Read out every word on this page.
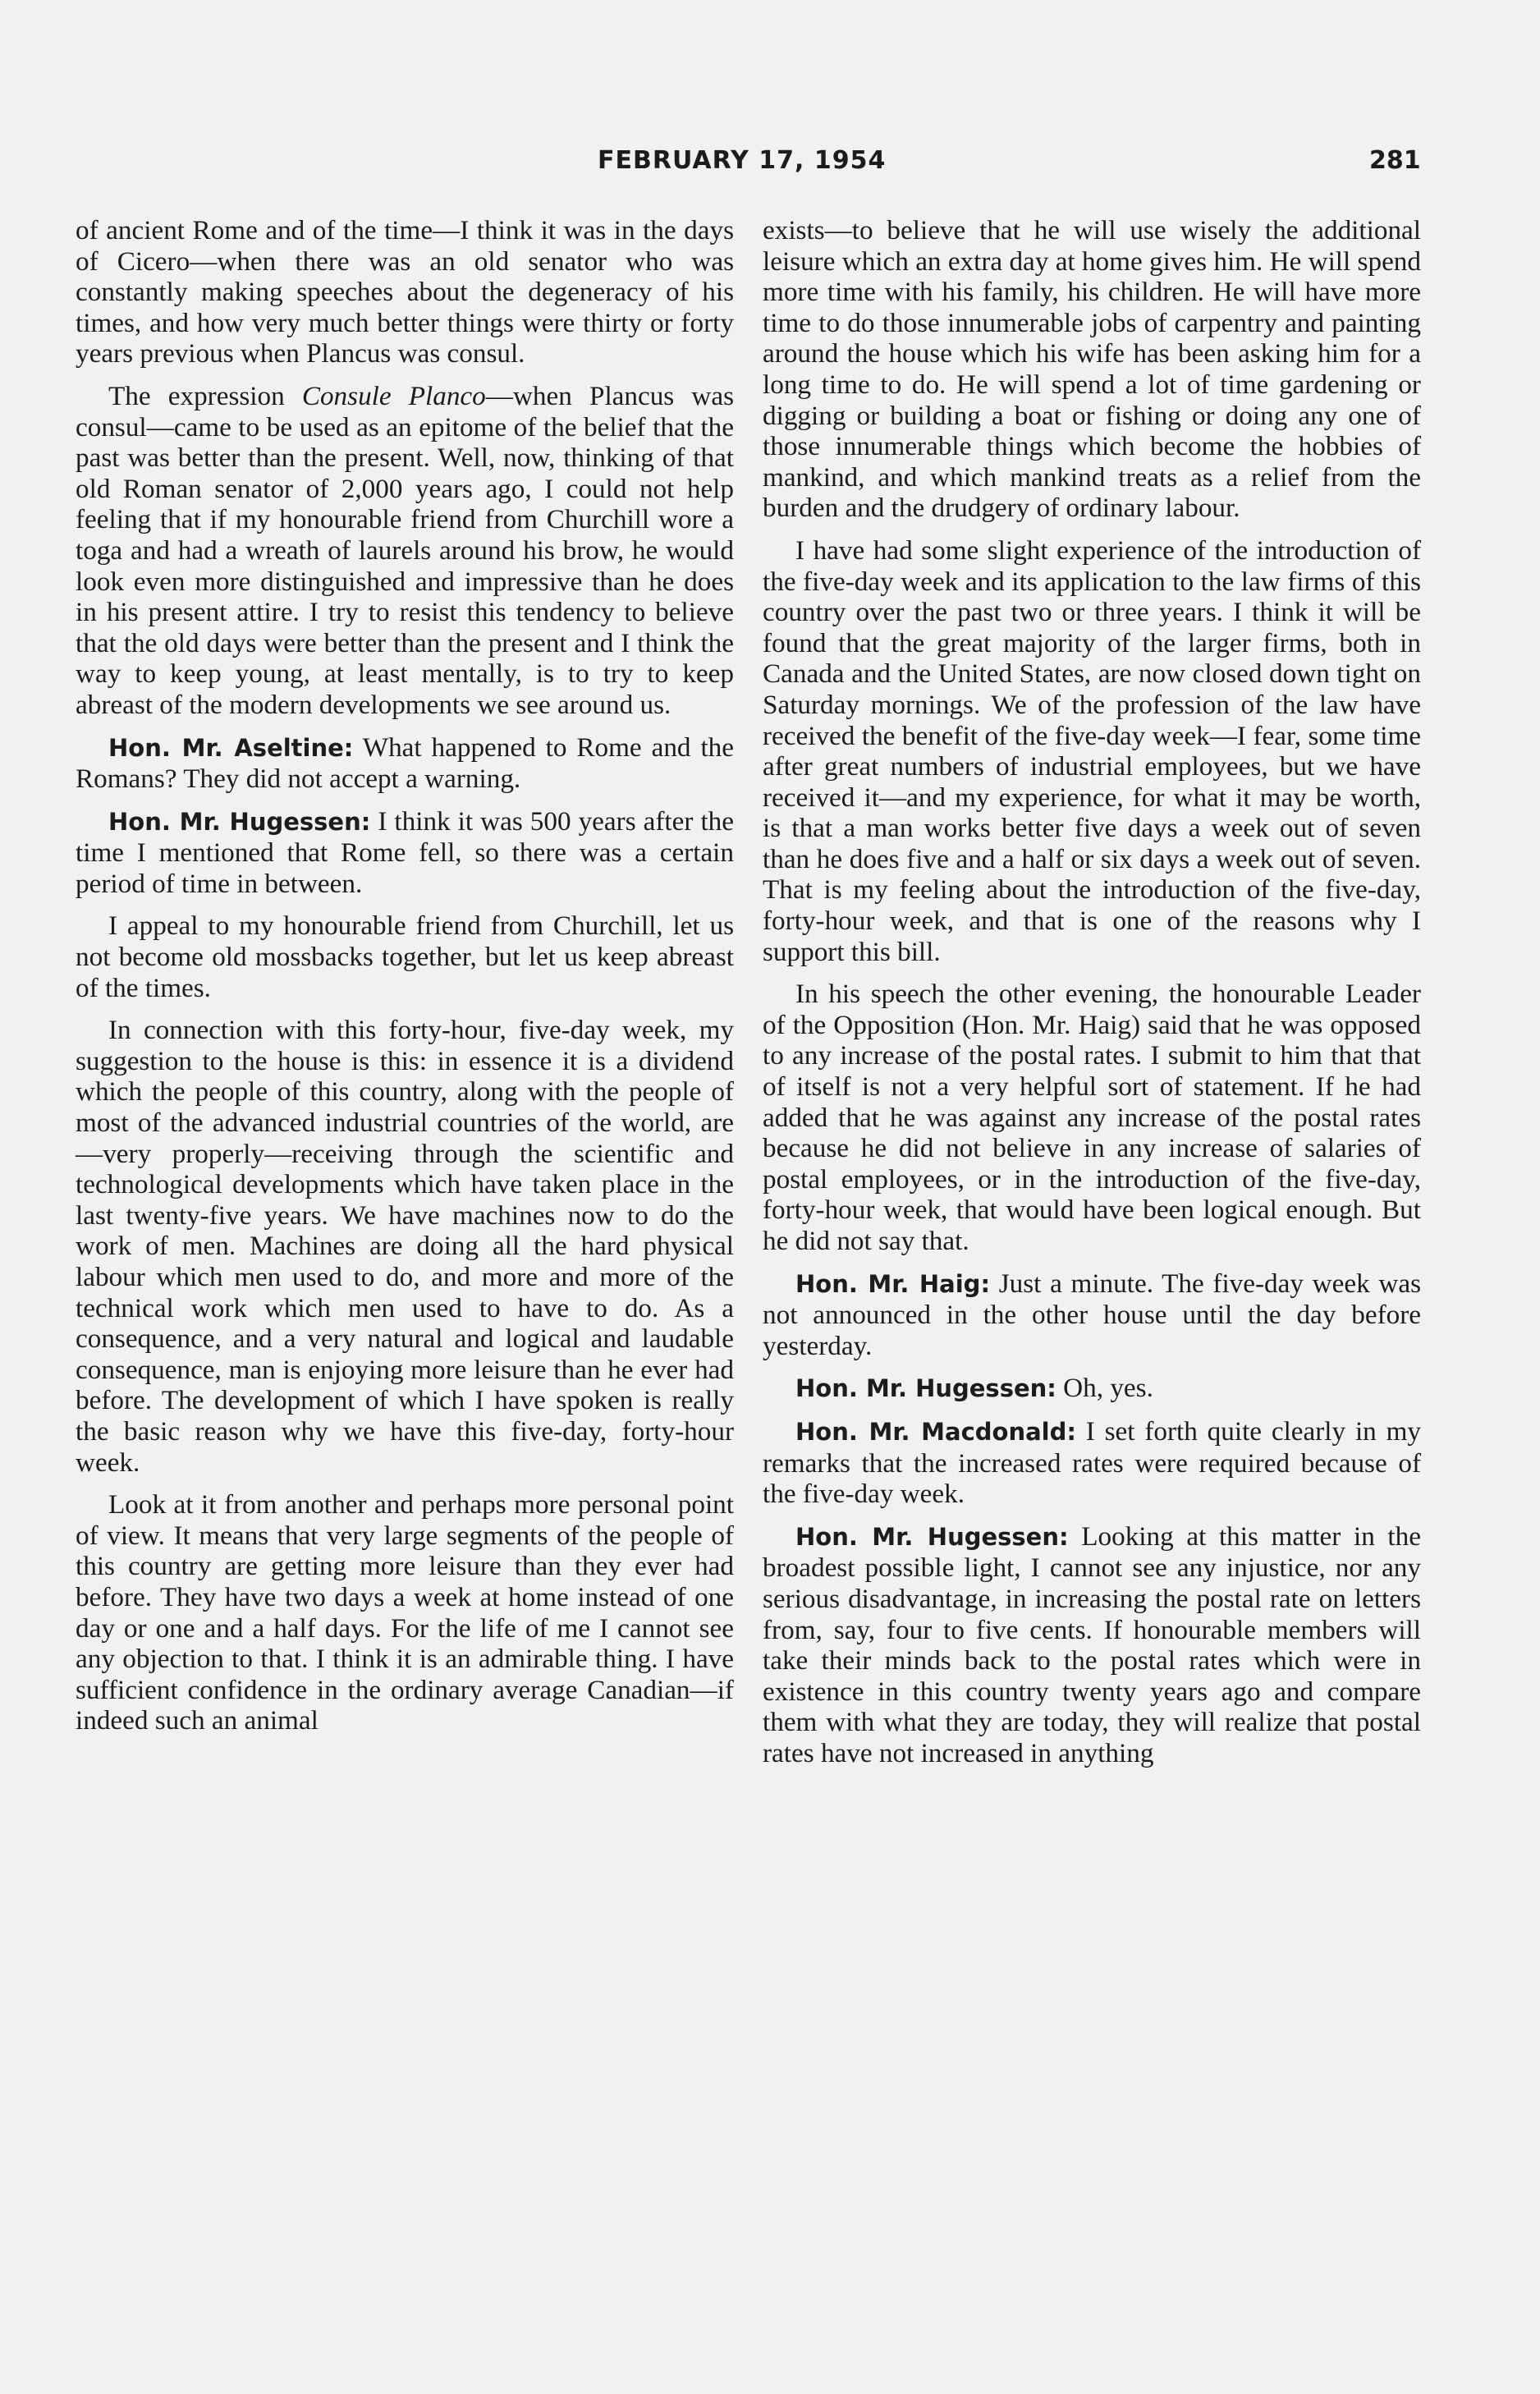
FEBRUARY 17, 1954	281

of ancient Rome and of the time—I think it was in the days of Cicero—when there was an old senator who was constantly making speeches about the degeneracy of his times, and how very much better things were thirty or forty years previous when Plancus was consul.

The expression Consule Planco—when Plancus was consul—came to be used as an epitome of the belief that the past was better than the present. Well, now, thinking of that old Roman senator of 2,000 years ago, I could not help feeling that if my honourable friend from Churchill wore a toga and had a wreath of laurels around his brow, he would look even more distinguished and impressive than he does in his present attire. I try to resist this tendency to believe that the old days were better than the present and I think the way to keep young, at least mentally, is to try to keep abreast of the modern developments we see around us.

Hon. Mr. Aseltine: What happened to Rome and the Romans? They did not accept a warning.

Hon. Mr. Hugessen: I think it was 500 years after the time I mentioned that Rome fell, so there was a certain period of time in between.

I appeal to my honourable friend from Churchill, let us not become old mossbacks together, but let us keep abreast of the times.

In connection with this forty-hour, five-day week, my suggestion to the house is this: in essence it is a dividend which the people of this country, along with the people of most of the advanced industrial countries of the world, are—very properly—receiving through the scientific and technological developments which have taken place in the last twenty-five years. We have machines now to do the work of men. Machines are doing all the hard physical labour which men used to do, and more and more of the technical work which men used to have to do. As a consequence, and a very natural and logical and laudable consequence, man is enjoying more leisure than he ever had before. The development of which I have spoken is really the basic reason why we have this five-day, forty-hour week.

Look at it from another and perhaps more personal point of view. It means that very large segments of the people of this country are getting more leisure than they ever had before. They have two days a week at home instead of one day or one and a half days. For the life of me I cannot see any objection to that. I think it is an admirable thing. I have sufficient confidence in the ordinary average Canadian—if indeed such an animal

exists—to believe that he will use wisely the additional leisure which an extra day at home gives him. He will spend more time with his family, his children. He will have more time to do those innumerable jobs of carpentry and painting around the house which his wife has been asking him for a long time to do. He will spend a lot of time gardening or digging or building a boat or fishing or doing any one of those innumerable things which become the hobbies of mankind, and which mankind treats as a relief from the burden and the drudgery of ordinary labour.

I have had some slight experience of the introduction of the five-day week and its application to the law firms of this country over the past two or three years. I think it will be found that the great majority of the larger firms, both in Canada and the United States, are now closed down tight on Saturday mornings. We of the profession of the law have received the benefit of the five-day week—I fear, some time after great numbers of industrial employees, but we have received it—and my experience, for what it may be worth, is that a man works better five days a week out of seven than he does five and a half or six days a week out of seven. That is my feeling about the introduction of the five-day, forty-hour week, and that is one of the reasons why I support this bill.

In his speech the other evening, the honourable Leader of the Opposition (Hon. Mr. Haig) said that he was opposed to any increase of the postal rates. I submit to him that that of itself is not a very helpful sort of statement. If he had added that he was against any increase of the postal rates because he did not believe in any increase of salaries of postal employees, or in the introduction of the five-day, forty-hour week, that would have been logical enough. But he did not say that.

Hon. Mr. Haig: Just a minute. The five-day week was not announced in the other house until the day before yesterday.

Hon. Mr. Hugessen: Oh, yes.

Hon. Mr. Macdonald: I set forth quite clearly in my remarks that the increased rates were required because of the five-day week.

Hon. Mr. Hugessen: Looking at this matter in the broadest possible light, I cannot see any injustice, nor any serious disadvantage, in increasing the postal rate on letters from, say, four to five cents. If honourable members will take their minds back to the postal rates which were in existence in this country twenty years ago and compare them with what they are today, they will realize that postal rates have not increased in anything
